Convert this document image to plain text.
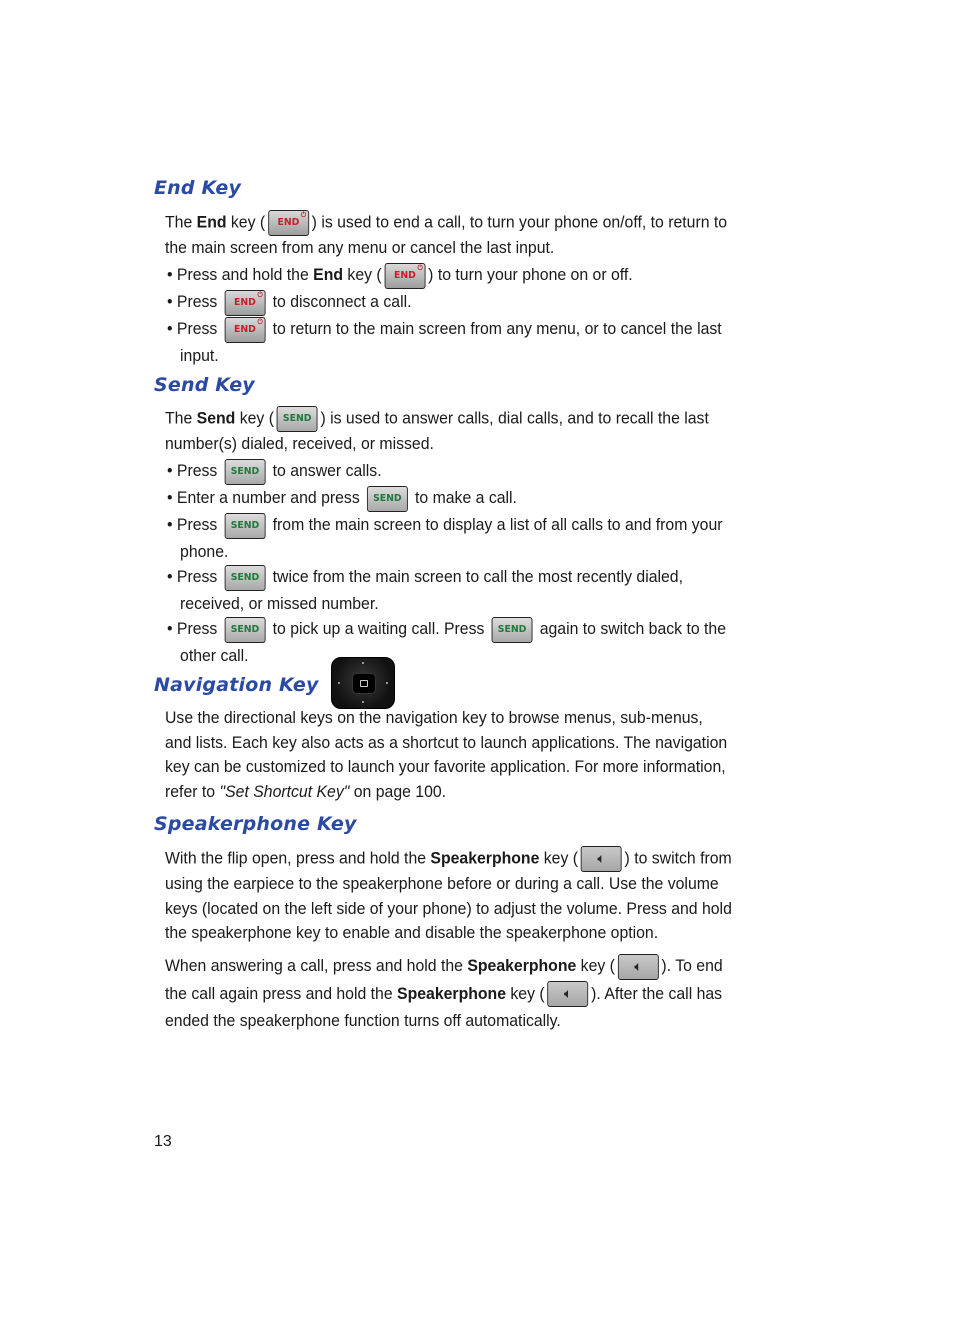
End Key
The End key ( END
⏻ ) is used to end a call, to turn your phone on/off, to return to the main screen from any menu or cancel the last input.
• Press and hold the End key ( END
⏻ ) to turn your phone on or off.
• Press END
⏻ to disconnect a call.
• Press END
⏻ to return to the main screen from any menu, or to cancel the last input.
Send Key
The Send key ( SEND ) is used to answer calls, dial calls, and to recall the last number(s) dialed, received, or missed.
• Press SEND to answer calls.
• Enter a number and press SEND to make a call.
• Press SEND from the main screen to display a list of all calls to and from your phone.
• Press SEND twice from the main screen to call the most recently dialed, received, or missed number.
• Press SEND to pick up a waiting call. Press SEND again to switch back to the other call.
Navigation Key
Use the directional keys on the navigation key to browse menus, sub-menus, and lists. Each key also acts as a shortcut to launch applications. The navigation key can be customized to launch your favorite application. For more information, refer to "Set Shortcut Key" on page 100.
Speakerphone Key
With the flip open, press and hold the Speakerphone key ( 🔈︎ ) to switch from using the earpiece to the speakerphone before or during a call. Use the volume keys (located on the left side of your phone) to adjust the volume. Press and hold the speakerphone key to enable and disable the speakerphone option.
When answering a call, press and hold the Speakerphone key ( 🔈︎ ). To end the call again press and hold the Speakerphone key ( 🔈︎ ). After the call has ended the speakerphone function turns off automatically.
13
